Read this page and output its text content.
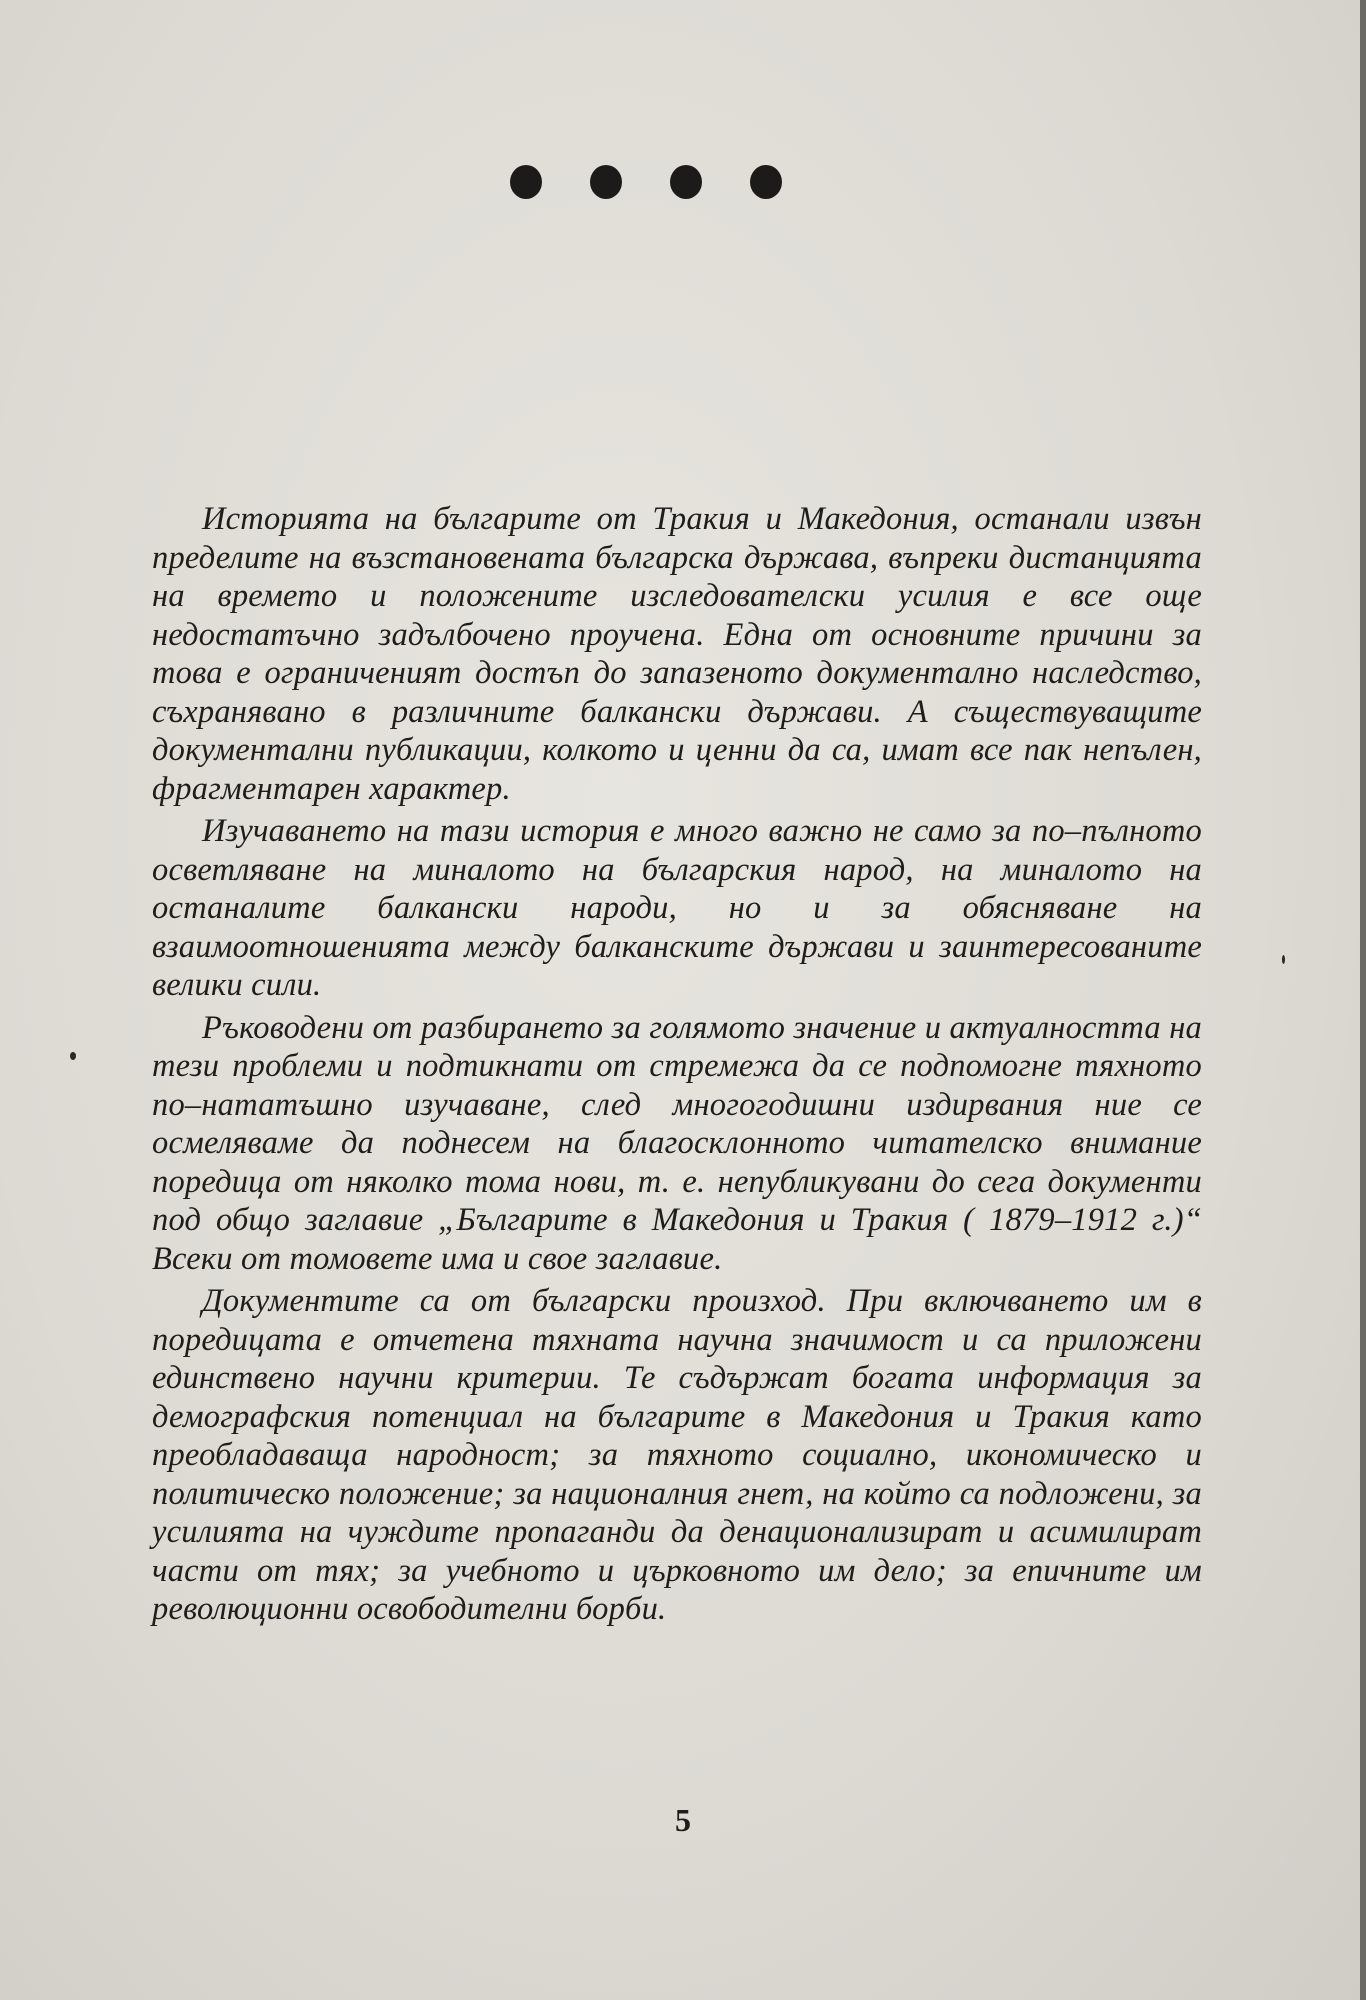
Историята на българите от Тракия и Македония, останали извън пределите на възстановената българска държава, въпреки дистанцията на времето и положените изследователски усилия е все още недостатъчно задълбочено проучена. Една от основните причини за това е ограниченият достъп до запазеното документално наследство, съхранявано в различните балкански държави. А съществуващите документални публикации, колкото и ценни да са, имат все пак непълен, фрагментарен характер.

Изучаването на тази история е много важно не само за по–пълното осветляване на миналото на българския народ, на миналото на останалите балкански народи, но и за обясняване на взаимоотношенията между балканските държави и заинтересованите велики сили.

Ръководени от разбирането за голямото значение и актуалността на тези проблеми и подтикнати от стремежа да се подпомогне тяхното по–нататъшно изучаване, след многогодишни издирвания ние се осмеляваме да поднесем на благосклонното читателско внимание поредица от няколко тома нови, т. е. непубликувани до сега документи под общо заглавие „Българите в Македония и Тракия ( 1879–1912 г.)“ Всеки от томовете има и свое заглавие.

Документите са от български произход. При включването им в поредицата е отчетена тяхната научна значимост и са приложени единствено научни критерии. Те съдържат богата информация за демографския потенциал на българите в Македония и Тракия като преобладаваща народност; за тяхното социално, икономическо и политическо положение; за националния гнет, на който са подложени, за усилията на чуждите пропаганди да денационализират и асимилират части от тях; за учебното и църковното им дело; за епичните им революционни освободителни борби.

5
